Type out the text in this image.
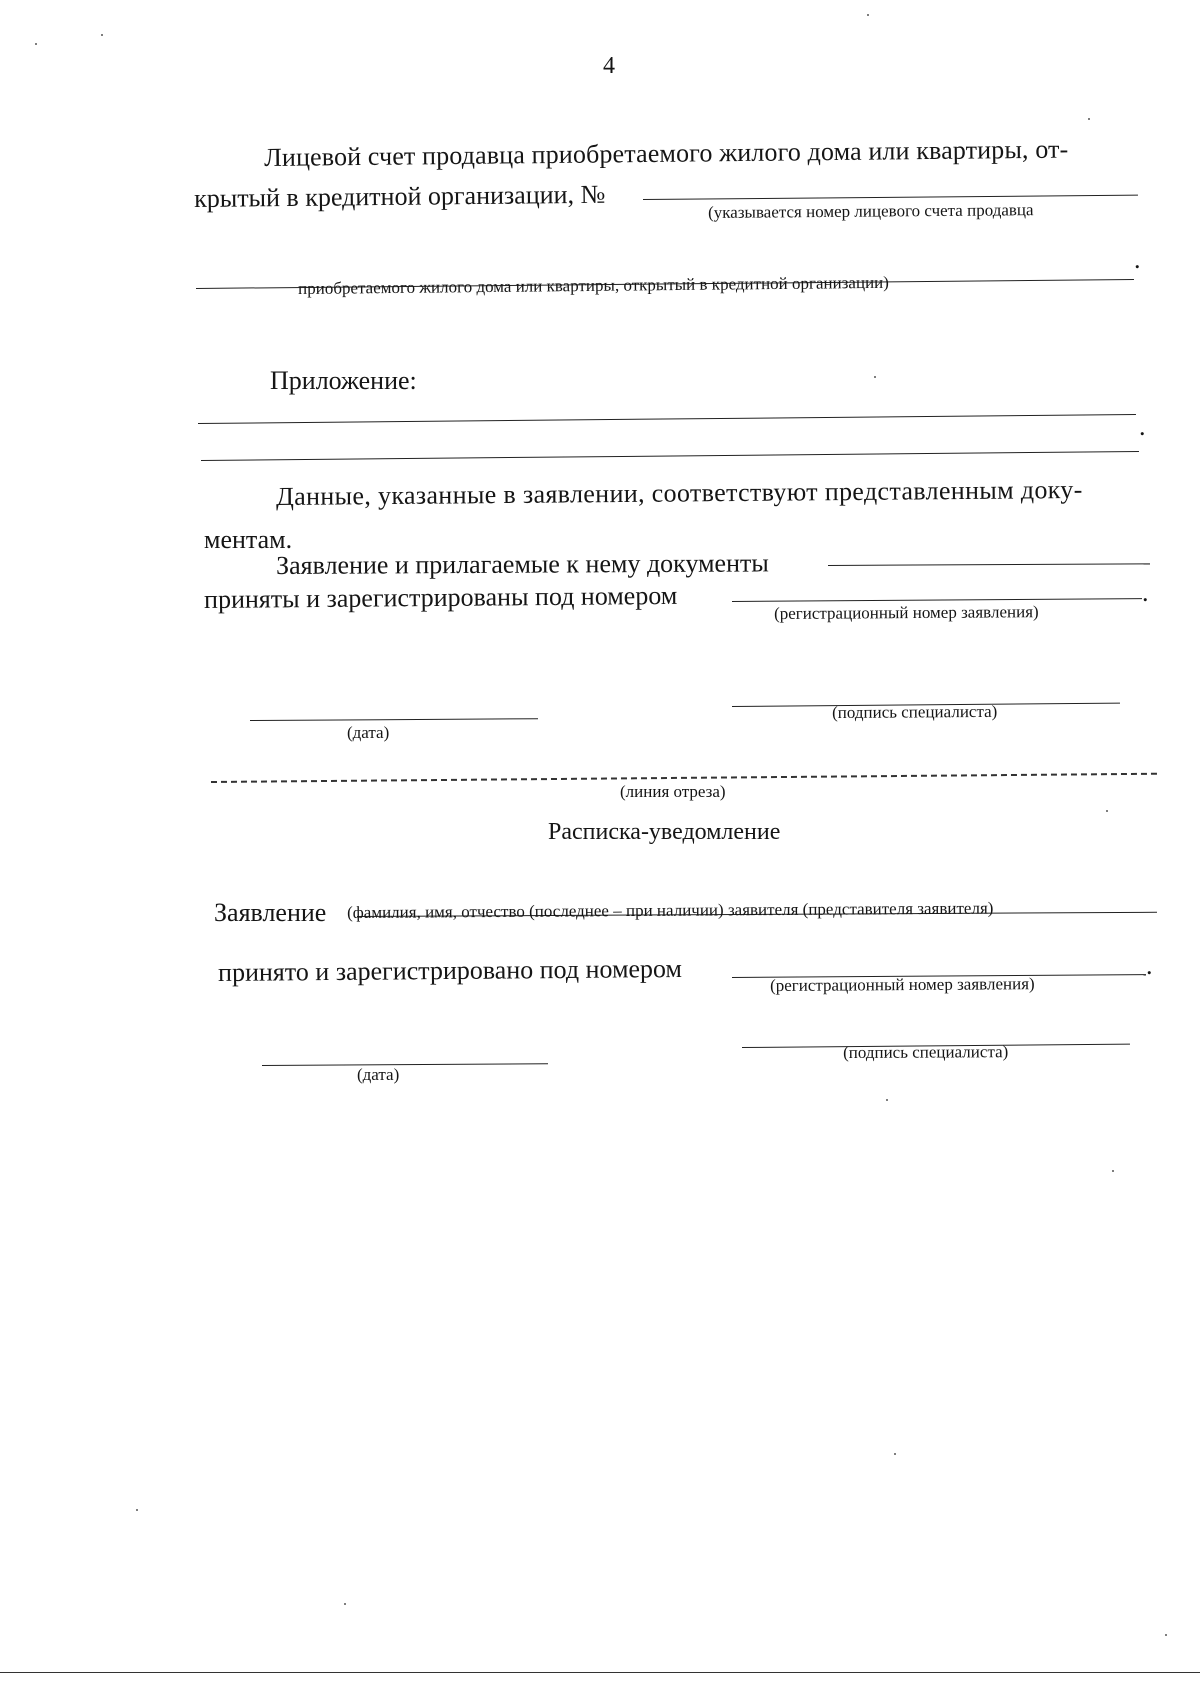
4
Лицевой счет продавца приобретаемого жилого дома или квартиры, от-
крытый в кредитной организации, №	(указывается номер лицевого счета продавца
.
приобретаемого жилого дома или квартиры, открытый в кредитной организации)
Приложение:
.
Данные, указанные в заявлении, соответствуют представленным доку-
ментам.
Заявление и прилагаемые к нему документы
приняты и зарегистрированы под номером	.
(регистрационный номер заявления)
(дата)
(подпись специалиста)
(линия отреза)
Расписка-уведомление
Заявление (фамилия, имя, отчество (последнее – при наличии) заявителя (представителя заявителя)
принято и зарегистрировано под номером	.
(регистрационный номер заявления)
(дата)
(подпись специалиста)
